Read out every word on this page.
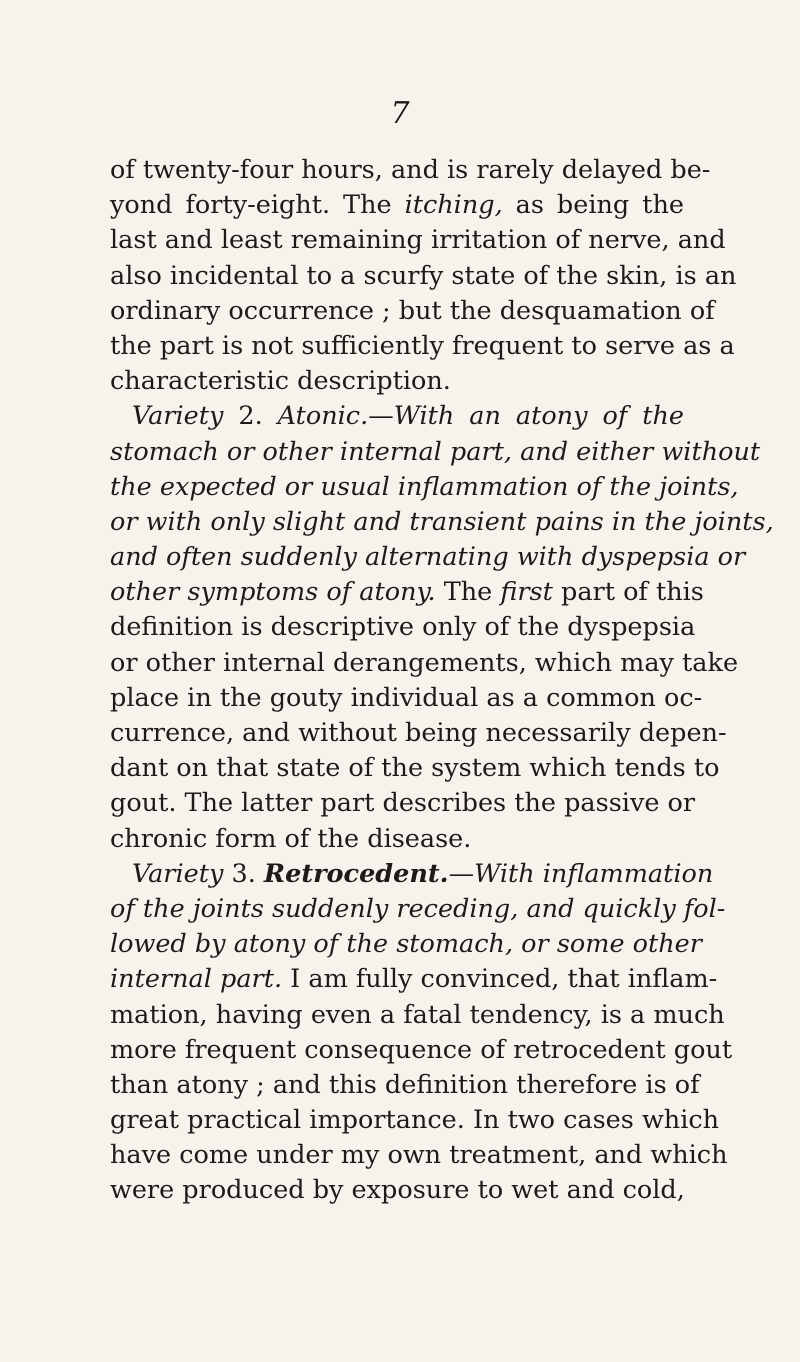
7
of twenty-four hours, and is rarely delayed be-
yond forty-eight. The itching, as being the
last and least remaining irritation of nerve, and
also incidental to a scurfy state of the skin, is an
ordinary occurrence ; but the desquamation of
the part is not sufficiently frequent to serve as a
characteristic description.
Variety 2. Atonic.—With an atony of the
stomach or other internal part, and either without
the expected or usual inflammation of the joints,
or with only slight and transient pains in the joints,
and often suddenly alternating with dyspepsia or
other symptoms of atony. The first part of this
definition is descriptive only of the dyspepsia
or other internal derangements, which may take
place in the gouty individual as a common oc-
currence, and without being necessarily depen-
dant on that state of the system which tends to
gout. The latter part describes the passive or
chronic form of the disease.
Variety 3. Retrocedent.—With inflammation
of the joints suddenly receding, and quickly fol-
lowed by atony of the stomach, or some other
internal part. I am fully convinced, that inflam-
mation, having even a fatal tendency, is a much
more frequent consequence of retrocedent gout
than atony ; and this definition therefore is of
great practical importance. In two cases which
have come under my own treatment, and which
were produced by exposure to wet and cold,
